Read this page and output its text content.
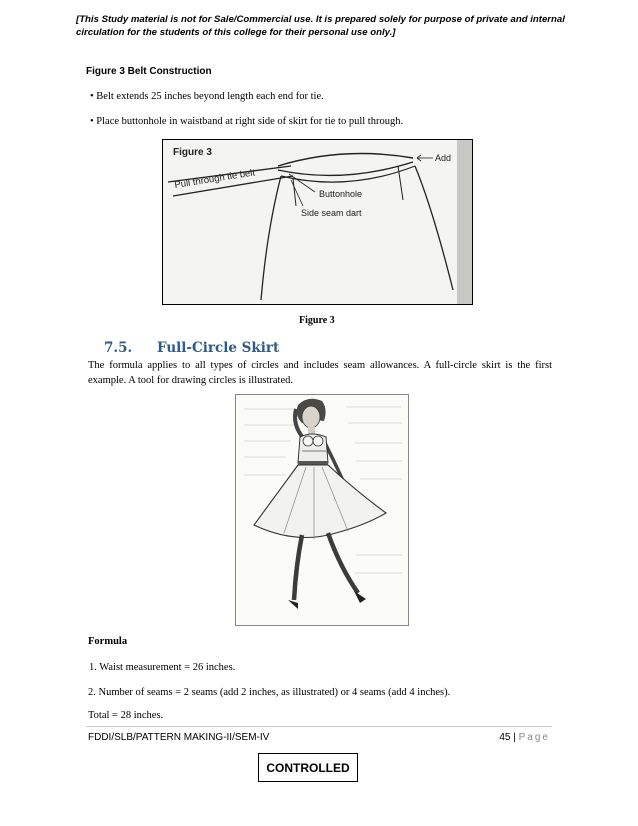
[This Study material is not for Sale/Commercial use. It is prepared solely for purpose of private and internal circulation for the students of this college for their personal use only.]
Figure 3 Belt Construction
• Belt extends 25 inches beyond length each end for tie.
• Place buttonhole in waistband at right side of skirt for tie to pull through.
Figure 3
Pull through tie belt
Buttonhole
Side seam dart
Add
Figure 3
7.5. Full-Circle Skirt
The formula applies to all types of circles and includes seam allowances. A full-circle skirt is the first example. A tool for drawing circles is illustrated.
Formula
1. Waist measurement = 26 inches.
2. Number of seams = 2 seams (add 2 inches, as illustrated) or 4 seams (add 4 inches).
Total = 28 inches.
FDDI/SLB/PATTERN MAKING-II/SEM-IV	45 | Page
CONTROLLED
